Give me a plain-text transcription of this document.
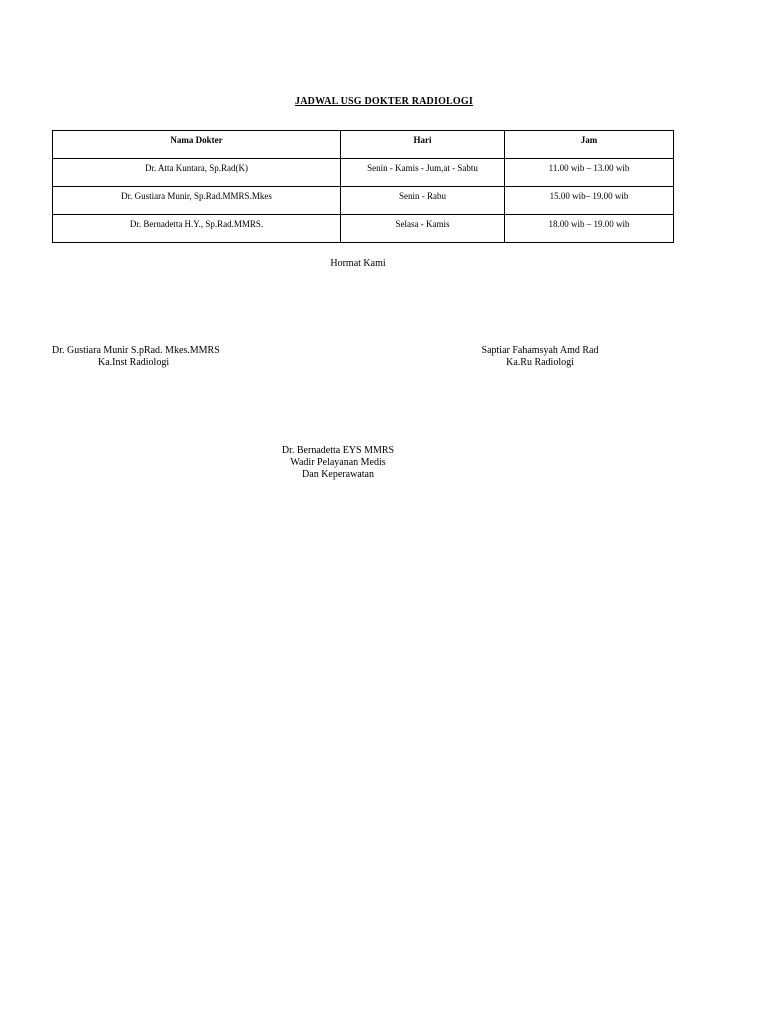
JADWAL USG DOKTER RADIOLOGI
Nama Dokter	Hari	Jam

Dr. Atta Kuntara, Sp.Rad(K)	Senin - Kamis - Jum,at - Sabtu	11.00 wib – 13.00 wib

Dr. Gustiara Munir, Sp.Rad.MMRS.Mkes	Senin - Rabu	15.00 wib– 19.00 wib

Dr. Bernadetta H.Y., Sp.Rad.MMRS.	Selasa - Kamis	18.00 wib – 19.00 wib
Hormat Kami
Dr. Gustiara Munir S.pRad. Mkes.MMRS
Ka.Inst Radiologi
Saptiar Fahamsyah Amd Rad
Ka.Ru Radiologi
Dr. Bernadetta EYS MMRS
Wadir Pelayanan Medis
Dan Keperawatan
